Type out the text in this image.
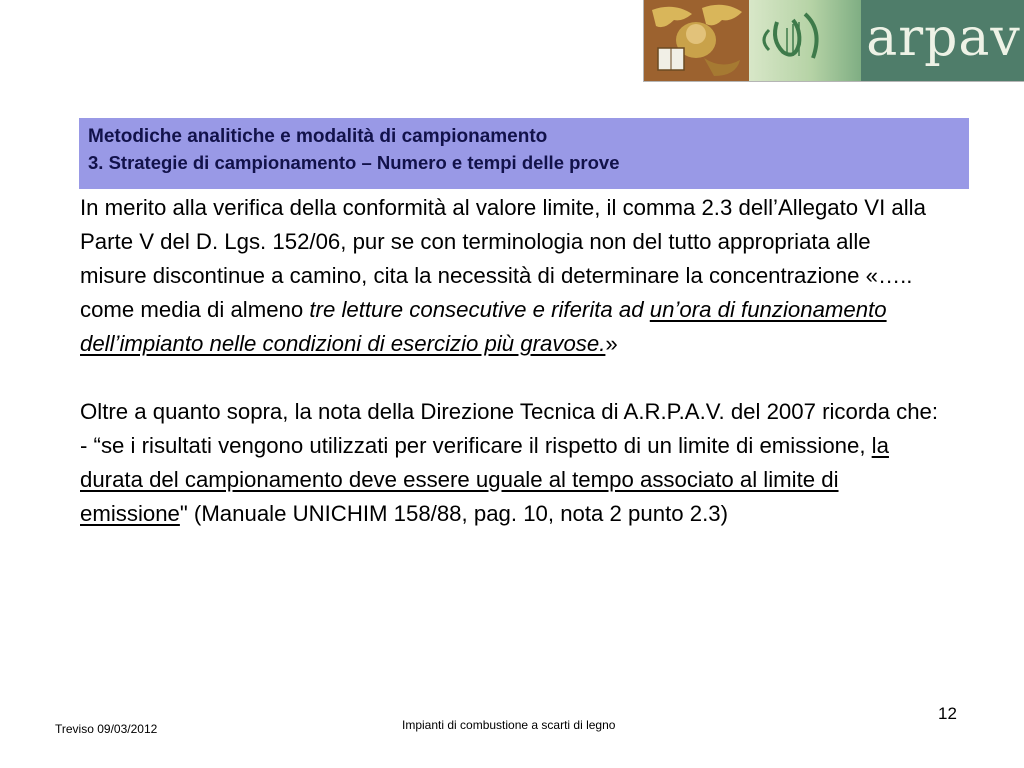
arpav
Metodiche analitiche e modalità di campionamento
3. Strategie di campionamento – Numero e tempi delle prove

In merito alla verifica della conformità al valore limite, il comma 2.3 dell’Allegato VI alla Parte V del D. Lgs. 152/06, pur se con terminologia non del tutto appropriata alle misure discontinue a camino, cita la necessità di determinare la concentrazione «….. come media di almeno tre letture consecutive e riferita ad un’ora di funzionamento dell’impianto nelle condizioni di esercizio più gravose.»

Oltre a quanto sopra, la nota della Direzione Tecnica di A.R.P.A.V. del 2007 ricorda che:

- “se i risultati vengono utilizzati per verificare il rispetto di un limite di emissione, la durata del campionamento deve essere uguale al tempo associato al limite di emissione" (Manuale UNICHIM 158/88, pag. 10, nota 2 punto 2.3)

Treviso 09/03/2012	Impianti di combustione a scarti di legno
12
